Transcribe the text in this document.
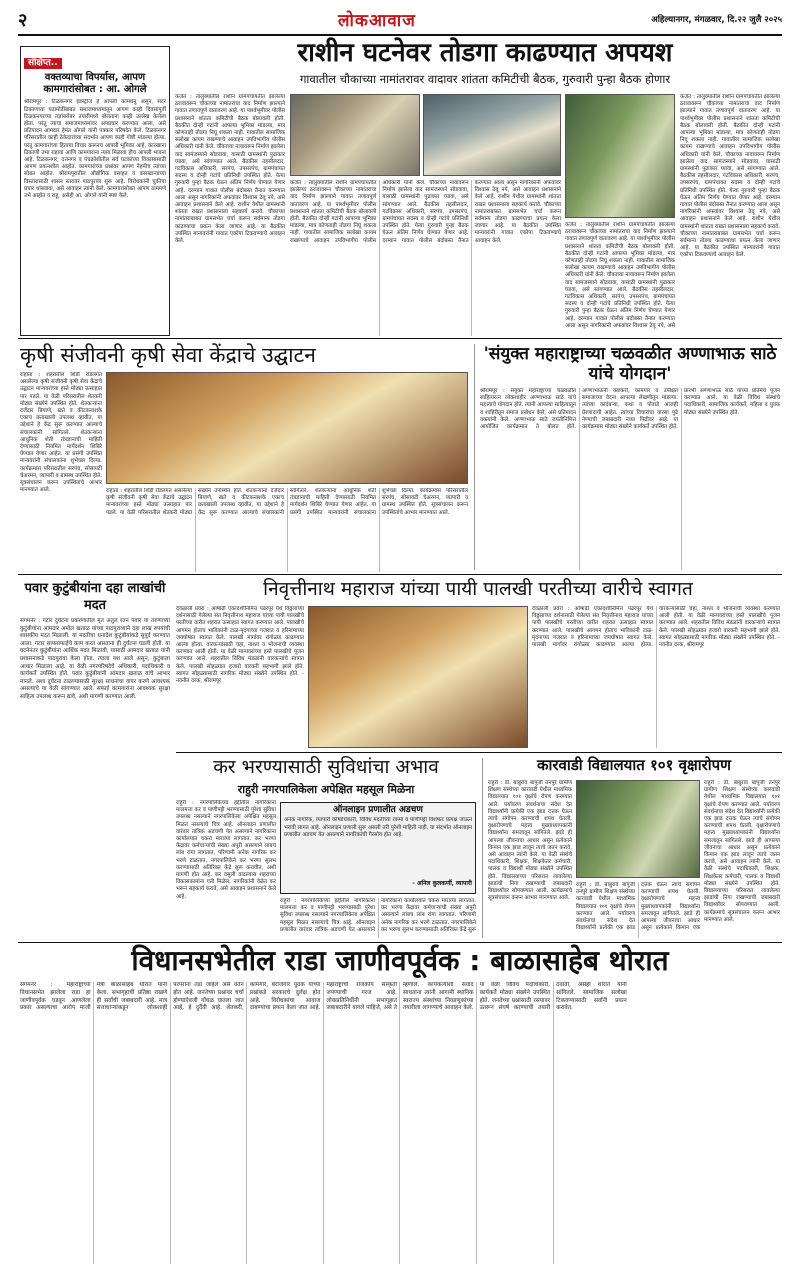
२	लोकआवाज	अहिल्यानगर, मंगळवार, दि.२२ जुलै २०२५
संक्षिप्त..
वक्तव्याचा विपर्यास, आपण कामगारांसोबत : आ. ओगले
श्रीरामपूर : टिळकनगर इंडस्ट्रीज हे आपली कामधेनु असून, सदर ठिकाणच्या घडामोडींबाबत समाजमाध्यमांतून आपण काही दिवसांपूर्वी टिळकनगरच्या तज्ञांबरोबर तयारीमध्ये बोलताना काही उल्लेख केलेला होता. परंतु त्याचा समाजमाध्यमांवर अपप्रचार करण्यात आला, असे प्रतिपादन आमदार हेमंत ओगले यांनी पत्रकार परिषदेत केले. टिळकनगर परिसरातील काही ठेकेदारांच्या संदर्भात आपण काही गोष्टी मांडल्या होत्या. परंतु कामगारांच्या हिताचा विचार करूनच आपली भूमिका आहे, कारखाना ठिकाणी उभा राहावा आणि कामगारांना न्याय मिळावा हीच आपली भावना आहे. टिळकनगर, दत्तनगर व पंचक्रोशीतील सर्व घटकांच्या विकासासाठी आपण प्रयत्नशील आहोत. कामगारांच्या प्रश्नांवर आपण नेहमीच त्यांच्या सोबत आहोत. श्रीरामपूरातील औद्योगिक वसाहत व कारखान्यांच्या विस्तारासाठी शासन स्तरावर पाठपुरावा सुरू आहे. विरोधकांनी चुकीचा प्रचार थांबवावा, असे आवाहन त्यांनी केले. कामगारांसोबत आपण ठामपणे उभे आहोत व राहू, असेही आ. ओगले यांनी स्पष्ट केले.
राशीन घटनेवर तोडगा काढण्यात अपयश
गावातील चौकाच्या नामांतरावर वादावर शांतता कमिटीची बैठक, गुरुवारी पुन्हा बैठक होणार
कर्जत : तालुक्यातील राशीन ग्रामपंचायतीत झालेल्या ठरावावरून चौकाच्या नामांतराचा वाद निर्माण झाल्याने गावात तणावपूर्ण वातावरण आहे. या पार्श्वभूमीवर पोलीस प्रशासनाने शांतता कमिटीची बैठक बोलावली होती. बैठकीत दोन्ही गटांनी आपल्या भूमिका मांडल्या, मात्र कोणताही तोडगा निघू शकला नाही. गावातील सामाजिक सलोखा कायम राखण्याचे आवाहन उपविभागीय पोलीस अधिकारी यांनी केले. चौकाच्या नावावरून निर्माण झालेला वाद सामंजस्याने सोडवावा, यासाठी ग्रामस्थांनी पुढाकार घ्यावा, असे सांगण्यात आले. बैठकीस तहसीलदार, गटविकास अधिकारी, सरपंच, उपसरपंच, ग्रामपंचायत सदस्य व दोन्ही गटांचे प्रतिनिधी उपस्थित होते. येत्या गुरुवारी पुन्हा बैठक घेऊन अंतिम निर्णय घेण्यात येणार आहे. दरम्यान गावात पोलीस बंदोबस्त तैनात करण्यात आला असून नागरिकांनी अफवांवर विश्वास ठेवू नये, असे आवाहन प्रशासनाने केले आहे. राशीन येथील ग्रामस्थांनी शांतता राखत प्रशासनाला सहकार्य करावे. चौकाच्या नामांतराबाबत ग्रामसभेत चर्चा करून सर्वमान्य तोडगा काढण्याचा प्रयत्न केला जाणार आहे. या बैठकीत उपस्थित मान्यवरांनी गावात एकोपा टिकवण्याचे आवाहन केले.
कर्जत : तालुक्यातील राशीन ग्रामपंचायतीत झालेल्या ठरावावरून चौकाच्या नामांतराचा वाद निर्माण झाल्याने गावात तणावपूर्ण वातावरण आहे. या पार्श्वभूमीवर पोलीस प्रशासनाने शांतता कमिटीची बैठक बोलावली होती. बैठकीत दोन्ही गटांनी आपल्या भूमिका मांडल्या, मात्र कोणताही तोडगा निघू शकला नाही. गावातील सामाजिक सलोखा कायम राखण्याचे आवाहन उपविभागीय पोलीस अधिकारी यांनी केले. चौकाच्या नावावरून निर्माण झालेला वाद सामंजस्याने सोडवावा, यासाठी ग्रामस्थांनी पुढाकार घ्यावा, असे सांगण्यात आले. बैठकीस तहसीलदार, गटविकास अधिकारी, सरपंच, उपसरपंच, ग्रामपंचायत सदस्य व दोन्ही गटांचे प्रतिनिधी उपस्थित होते. येत्या गुरुवारी पुन्हा बैठक घेऊन अंतिम निर्णय घेण्यात येणार आहे. दरम्यान गावात पोलीस बंदोबस्त तैनात करण्यात आला असून नागरिकांनी अफवांवर विश्वास ठेवू नये, असे आवाहन प्रशासनाने केले आहे. राशीन येथील ग्रामस्थांनी शांतता राखत प्रशासनाला सहकार्य करावे. चौकाच्या नामांतराबाबत ग्रामसभेत चर्चा करून सर्वमान्य तोडगा काढण्याचा प्रयत्न केला जाणार आहे. या बैठकीत उपस्थित मान्यवरांनी गावात एकोपा टिकवण्याचे आवाहन केले.
कर्जत : तालुक्यातील राशीन ग्रामपंचायतीत झालेल्या ठरावावरून चौकाच्या नामांतराचा वाद निर्माण झाल्याने गावात तणावपूर्ण वातावरण आहे. या पार्श्वभूमीवर पोलीस प्रशासनाने शांतता कमिटीची बैठक बोलावली होती. बैठकीत दोन्ही गटांनी आपल्या भूमिका मांडल्या, मात्र कोणताही तोडगा निघू शकला नाही. गावातील सामाजिक सलोखा कायम राखण्याचे आवाहन उपविभागीय पोलीस अधिकारी यांनी केले. चौकाच्या नावावरून निर्माण झालेला वाद सामंजस्याने सोडवावा, यासाठी ग्रामस्थांनी पुढाकार घ्यावा, असे सांगण्यात आले. बैठकीस तहसीलदार, गटविकास अधिकारी, सरपंच, उपसरपंच, ग्रामपंचायत सदस्य व दोन्ही गटांचे प्रतिनिधी उपस्थित होते. येत्या गुरुवारी पुन्हा बैठक घेऊन अंतिम निर्णय घेण्यात येणार आहे. दरम्यान गावात पोलीस बंदोबस्त तैनात करण्यात आला असून नागरिकांनी अफवांवर विश्वास ठेवू नये, असे
कर्जत : तालुक्यातील राशीन ग्रामपंचायतीत झालेल्या ठरावावरून चौकाच्या नामांतराचा वाद निर्माण झाल्याने गावात तणावपूर्ण वातावरण आहे. या पार्श्वभूमीवर पोलीस प्रशासनाने शांतता कमिटीची बैठक बोलावली होती. बैठकीत दोन्ही गटांनी आपल्या भूमिका मांडल्या, मात्र कोणताही तोडगा निघू शकला नाही. गावातील सामाजिक सलोखा कायम राखण्याचे आवाहन उपविभागीय पोलीस अधिकारी यांनी केले. चौकाच्या नावावरून निर्माण झालेला वाद सामंजस्याने सोडवावा, यासाठी ग्रामस्थांनी पुढाकार घ्यावा, असे सांगण्यात आले. बैठकीस तहसीलदार, गटविकास अधिकारी, सरपंच, उपसरपंच, ग्रामपंचायत सदस्य व दोन्ही गटांचे प्रतिनिधी उपस्थित होते. येत्या गुरुवारी पुन्हा बैठक घेऊन अंतिम निर्णय घेण्यात येणार आहे. दरम्यान गावात पोलीस बंदोबस्त तैनात करण्यात आला असून नागरिकांनी अफवांवर विश्वास ठेवू नये, असे आवाहन प्रशासनाने केले आहे. राशीन येथील ग्रामस्थांनी शांतता राखत प्रशासनाला सहकार्य करावे. चौकाच्या नामांतराबाबत ग्रामसभेत चर्चा करून सर्वमान्य तोडगा काढण्याचा प्रयत्न केला जाणार आहे. या बैठकीत उपस्थित मान्यवरांनी गावात एकोपा टिकवण्याचे आवाहन केले.
कृषी संजीवनी कृषी सेवा केंद्राचे उद्घाटन
राहाता : शहरातील शिर्डी रोडलगत असलेल्या कृषी संजीवनी कृषी सेवा केंद्राचे उद्घाटन मान्यवरांच्या हस्ते मोठ्या उत्साहात पार पडले. या वेळी परिसरातील शेतकरी मोठ्या संख्येने उपस्थित होते. शेतकऱ्यांना दर्जेदार बियाणे, खते व कीटकनाशके एकाच छताखाली उपलब्ध व्हावीत, या उद्देशाने हे केंद्र सुरू करण्यात आल्याचे संचालकांनी सांगितले. शेतकऱ्यांना आधुनिक शेती तंत्रज्ञानाची माहिती देण्यासाठी नियमित मार्गदर्शन शिबिरे घेण्यात येणार आहेत. या प्रसंगी उपस्थित मान्यवरांनी संचालकांना शुभेच्छा दिल्या. कार्यक्रमास परिसरातील सरपंच, सोसायटी चेअरमन, व्यापारी व ग्रामस्थ उपस्थित होते. सूत्रसंचालन करून उपस्थितांचे आभार मानण्यात आले.	राहाता : शहरातील शिर्डी रोडलगत असलेल्या कृषी संजीवनी कृषी सेवा केंद्राचे उद्घाटन मान्यवरांच्या हस्ते मोठ्या उत्साहात पार पडले. या वेळी परिसरातील शेतकरी मोठ्या संख्येने उपस्थित होते. शेतकऱ्यांना दर्जेदार बियाणे, खते व कीटकनाशके एकाच छताखाली उपलब्ध व्हावीत, या उद्देशाने हे केंद्र सुरू करण्यात आल्याचे संचालकांनी सांगितले. शेतकऱ्यांना आधुनिक शेती तंत्रज्ञानाची माहिती देण्यासाठी नियमित मार्गदर्शन शिबिरे घेण्यात येणार आहेत. या प्रसंगी उपस्थित मान्यवरांनी संचालकांना शुभेच्छा दिल्या. कार्यक्रमास परिसरातील सरपंच, सोसायटी चेअरमन, व्यापारी व ग्रामस्थ उपस्थित होते. सूत्रसंचालन करून उपस्थितांचे आभार मानण्यात आले.
'संयुक्त महाराष्ट्राच्या चळवळीत अण्णाभाऊ साठे यांचे योगदान'
श्रीरामपूर : संयुक्त महाराष्ट्राच्या चळवळीत साहित्यरत्न लोकशाहीर अण्णाभाऊ साठे यांचे महत्त्वाचे योगदान होते. त्यांनी आपल्या साहित्यातून व शाहिरीतून समाज प्रबोधन केले, असे प्रतिपादन वक्त्यांनी केले. अण्णाभाऊ साठे जयंतीनिमित्त आयोजित कार्यक्रमात ते बोलत होते. अण्णाभाऊंनी कष्टकरी, कामगार व उपेक्षित समाजाच्या वेदना आपल्या लेखणीतून मांडल्या. त्यांच्या कादंबऱ्या, कथा व पोवाडे आजही प्रेरणादायी आहेत. त्यांच्या विचारांचा वारसा पुढे नेण्याची जबाबदारी नव्या पिढीवर आहे. या कार्यक्रमास मोठ्या संख्येने कार्यकर्ते उपस्थित होते. प्रारंभी अण्णाभाऊ साठे यांच्या प्रतिमेचे पूजन करण्यात आले. या वेळी विविध संस्थांचे पदाधिकारी, सामाजिक कार्यकर्ते, महिला व युवक मोठ्या संख्येने उपस्थित होते.
पवार कुटुंबीयांना दहा लाखांची मदत
संगमनेर : गटार दुर्घटना प्रकरणातील मृत अतुल रतन पवार या तरुणाच्या कुटुंबीयांना आमदार अमोल खताळ यांच्या पाठपुराव्याने दहा लाख रुपयांची शासकीय मदत मिळाली. या मदतीचा धनादेश कुटुंबीयांकडे सुपूर्द करण्यात आला. गटार साफसफाईचे काम करत असताना ही दुर्घटना घडली होती. या घटनेनंतर कुटुंबीयांना आर्थिक मदत मिळावी, यासाठी आमदार खताळ यांनी प्रशासनाकडे पाठपुरावा केला होता. त्याला यश आले असून, कुटुंबाला आधार मिळाला आहे. या वेळी नगरपरिषदेचे अधिकारी, पदाधिकारी व कार्यकर्ते उपस्थित होते. पवार कुटुंबीयांनी आमदार खताळ यांचे आभार मानले. अशा दुर्घटना टाळण्यासाठी सुरक्षा साधनांचा वापर करणे आवश्यक असल्याचे या वेळी सांगण्यात आले. सफाई कामगारांना आवश्यक सुरक्षा साहित्य उपलब्ध करून द्यावे, अशी मागणी करण्यात आली.
निवृत्तीनाथ महाराज यांच्या पायी पालखी परतीच्या वारीचे स्वागत
देवळाली प्रवरा : आषाढी एकादशीनिमित्त पंढरपूर येथे विठ्ठलाच्या दर्शनासाठी गेलेल्या संत निवृत्तीनाथ महाराज यांच्या पायी पालखीचे परतीच्या वारीत शहरात उत्साहात स्वागत करण्यात आले. पालखीचे आगमन होताच भाविकांनी टाळ-मृदंगाच्या गजरात व हरिनामाच्या जयघोषात स्वागत केले. पालखी मार्गावर रांगोळ्या काढण्यात आल्या होत्या. वारकऱ्यांसाठी चहा, नाश्ता व भोजनाची व्यवस्था करण्यात आली होती. या वेळी मान्यवरांच्या हस्ते पालखीचे पूजन करण्यात आले. शहरातील विविध मंडळांनी वारकऱ्यांचे स्वागत केले. पालखी सोहळ्यात हजारो वारकरी सहभागी झाले होते. स्वागत सोहळ्यासाठी नागरिक मोठ्या संख्येने उपस्थित होते. - नवनीत दरक, श्रीरामपूर
देवळाली प्रवरा : आषाढी एकादशीनिमित्त पंढरपूर येथे विठ्ठलाच्या दर्शनासाठी गेलेल्या संत निवृत्तीनाथ महाराज यांच्या पायी पालखीचे परतीच्या वारीत शहरात उत्साहात स्वागत करण्यात आले. पालखीचे आगमन होताच भाविकांनी टाळ-मृदंगाच्या गजरात व हरिनामाच्या जयघोषात स्वागत केले. पालखी मार्गावर रांगोळ्या काढण्यात आल्या होत्या. वारकऱ्यांसाठी चहा, नाश्ता व भोजनाची व्यवस्था करण्यात आली होती. या वेळी मान्यवरांच्या हस्ते पालखीचे पूजन करण्यात आले. शहरातील विविध मंडळांनी वारकऱ्यांचे स्वागत केले. पालखी सोहळ्यात हजारो वारकरी सहभागी झाले होते. स्वागत सोहळ्यासाठी नागरिक मोठ्या संख्येने उपस्थित होते. - नवनीत दरक, श्रीरामपूर
कर भरण्यासाठी सुविधांचा अभाव
राहुरी नगरपालिकेला अपेक्षित महसूल मिळेना
राहुरी : नगरपालिकेच्या हद्दीतील नागरिकांना मालमत्ता कर व पाणीपट्टी भरण्यासाठी पुरेशा सुविधा उपलब्ध नसल्याने नगरपालिकेला अपेक्षित महसूल मिळत नसल्याचे चित्र आहे. ऑनलाइन प्रणालीत वारंवार तांत्रिक अडचणी येत असल्याने नागरिकांना कार्यालयात चकरा माराव्या लागतात. कर भरणा केंद्रावर कर्मचाऱ्यांची संख्या अपुरी असल्याने लांबच लांब रांगा लागतात. परिणामी अनेक नागरिक कर भरणे टाळतात. नगरपालिकेने कर भरणा सुलभ करण्यासाठी अतिरिक्त केंद्रे सुरू करावीत, अशी मागणी होत आहे. कर वसुली वाढल्यास शहराच्या विकासकामांना गती मिळेल. नागरिकांनी वेळेत कर भरून सहकार्य करावे, असे आवाहन प्रशासनाने केले आहे.
ऑनलाइन प्रणालीत अडचण
अनेक नागरिक, व्यापारी कोषाधिकारी, विविध मदतीच्या रकमा व पाणीपट्टी विशेषतः प्रत्यक्ष जाऊन भरावी लागत आहे. ऑनलाइन प्रणाली सुरू असली तरी पुरेशी माहिती नाही. या संदर्भात ऑनलाइन प्रणालीत अडचण येत असल्याने नागरिकांची गैरसोय होत आहे.
- अनिल कुलकर्णी, व्यापारी
राहुरी : नगरपालिकेच्या हद्दीतील नागरिकांना मालमत्ता कर व पाणीपट्टी भरण्यासाठी पुरेशा सुविधा उपलब्ध नसल्याने नगरपालिकेला अपेक्षित महसूल मिळत नसल्याचे चित्र आहे. ऑनलाइन प्रणालीत वारंवार तांत्रिक अडचणी येत असल्याने नागरिकांना कार्यालयात चकरा माराव्या लागतात. कर भरणा केंद्रावर कर्मचाऱ्यांची संख्या अपुरी असल्याने लांबच लांब रांगा लागतात. परिणामी अनेक नागरिक कर भरणे टाळतात. नगरपालिकेने कर भरणा सुलभ करण्यासाठी अतिरिक्त केंद्रे सुरू
कारवाडी विद्यालयात १०१ वृक्षारोपण
राहुरी : डॉ. बाबुराव बापूजी तनपुरे ग्रामीण शिक्षण संस्थेच्या कारवाडी येथील माध्यमिक विद्यालयात १०१ वृक्षांचे रोपण करण्यात आले. पर्यावरण संवर्धनाचा संदेश देत विद्यार्थ्यांनी प्रत्येकी एक झाड दत्तक घेऊन त्याचे संगोपन करण्याची शपथ घेतली. वृक्षारोपणाचे महत्त्व मुख्याध्यापकांनी विद्यार्थ्यांना समजावून सांगितले. झाडे ही आपल्या जीवनाचा आधार असून प्रत्येकाने किमान एक झाड लावून त्याचे जतन करावे, असे आवाहन त्यांनी केले. या वेळी संस्थेचे पदाधिकारी, शिक्षक, शिक्षकेतर कर्मचारी, पालक व विद्यार्थी मोठ्या संख्येने उपस्थित होते. विद्यालयाच्या परिसरात लावलेल्या झाडांची निगा राखण्याची जबाबदारी विद्यार्थ्यांवर सोपवण्यात आली. कार्यक्रमाचे सूत्रसंचालन करून आभार मानण्यात आले.
राहुरी : डॉ. बाबुराव बापूजी तनपुरे ग्रामीण शिक्षण संस्थेच्या कारवाडी येथील माध्यमिक विद्यालयात १०१ वृक्षांचे रोपण करण्यात आले. पर्यावरण संवर्धनाचा संदेश देत विद्यार्थ्यांनी प्रत्येकी एक झाड दत्तक घेऊन त्याचे संगोपन करण्याची शपथ घेतली. वृक्षारोपणाचे महत्त्व मुख्याध्यापकांनी विद्यार्थ्यांना समजावून सांगितले. झाडे ही आपल्या जीवनाचा आधार असून प्रत्येकाने किमान एक
राहुरी : डॉ. बाबुराव बापूजी तनपुरे ग्रामीण शिक्षण संस्थेच्या कारवाडी येथील माध्यमिक विद्यालयात १०१ वृक्षांचे रोपण करण्यात आले. पर्यावरण संवर्धनाचा संदेश देत विद्यार्थ्यांनी प्रत्येकी एक झाड दत्तक घेऊन त्याचे संगोपन करण्याची शपथ घेतली. वृक्षारोपणाचे महत्त्व मुख्याध्यापकांनी विद्यार्थ्यांना समजावून सांगितले. झाडे ही आपल्या जीवनाचा आधार असून प्रत्येकाने किमान एक झाड लावून त्याचे जतन करावे, असे आवाहन त्यांनी केले. या वेळी संस्थेचे पदाधिकारी, शिक्षक, शिक्षकेतर कर्मचारी, पालक व विद्यार्थी मोठ्या संख्येने उपस्थित होते. विद्यालयाच्या परिसरात लावलेल्या झाडांची निगा राखण्याची जबाबदारी विद्यार्थ्यांवर सोपवण्यात आली. कार्यक्रमाचे सूत्रसंचालन करून आभार मानण्यात आले.
विधानसभेतील राडा जाणीवपूर्वक : बाळासाहेब थोरात
संगमनेर : महाराष्ट्राच्या विधानसभेत झालेला राडा हा जाणीवपूर्वक घडवून आणलेला प्रकार असल्याचा आरोप माजी मंत्री बाळासाहेब थोरात यांनी केला. सभागृहाची प्रतिष्ठा राखणे ही सर्वांची जबाबदारी आहे. मात्र सत्ताधाऱ्यांकडून लोकशाही परंपरांना तडा जाईल असे वर्तन होत आहे. जनतेच्या प्रश्नांवर चर्चा होण्याऐवजी गोंधळ घातला जात आहे, हे दुर्दैवी आहे. शेतकरी, कामगार, बेरोजगार युवक यांच्या प्रश्नांकडे सरकारचे दुर्लक्ष होत आहे. विरोधकांचा आवाज दाबण्याचा प्रयत्न केला जात आहे. महाराष्ट्राची राजकीय संस्कृती जपण्याची गरज आहे. लोकप्रतिनिधींनी सभागृहात जबाबदारीने वागले पाहिजे, असे ते म्हणाले. कार्यकर्त्यांशी संवाद साधताना त्यांनी आगामी स्थानिक स्वराज्य संस्थांच्या निवडणुकांच्या तयारीला लागण्याचे आवाहन केले. या वेळी विविध पदाधिकारी, कार्यकर्ते मोठ्या संख्येने उपस्थित होते. जनतेच्या प्रश्नांसाठी रस्त्यावर उतरून संघर्ष करण्याची तयारी ठेवावी, असेही थोरात यांनी सांगितले. सामाजिक सलोखा टिकवण्यासाठी सर्वांनी प्रयत्न करावेत.
